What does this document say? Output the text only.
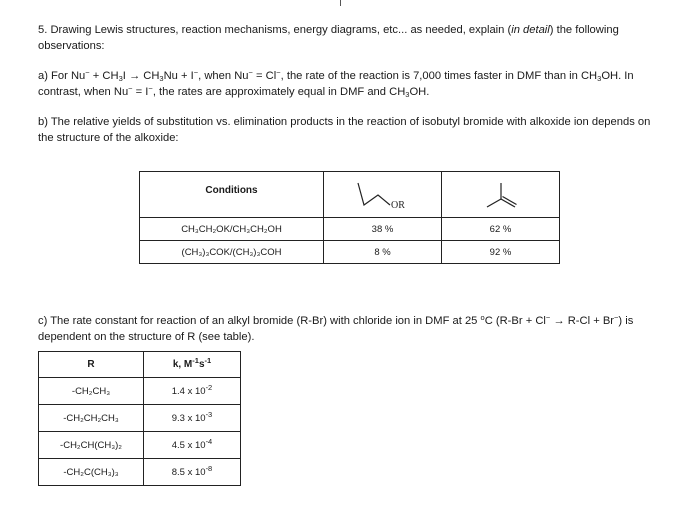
5. Drawing Lewis structures, reaction mechanisms, energy diagrams, etc... as needed, explain (in detail) the following
observations:
a) For $Nu^- + CH_3I \to CH_3Nu + I^-$, when Nu− = Cl−, the rate of the reaction is 7,000 times faster in DMF than in $CH_3OH$. In
contrast, when Nu− = I−, the rates are approximately equal in DMF and $CH_3OH$.
b) The relative yields of substitution vs. elimination products in the reaction of isobutyl bromide with alkoxide ion depends on
the structure of the alkoxide:
Conditions	OR

CH₃CH₂OK/CH₃CH₂OH	38 %	62 %
(CH₃)₃COK/(CH₃)₃COH	8 %	92 %
c) The rate constant for reaction of an alkyl bromide (R-Br) with chloride ion in DMF at 25 $^o$C (R-Br + Cl− → R-Cl + Br−) is
dependent on the structure of R (see table).
R	k, $M^{-1}s^{-1}$
-CH₂CH₃	1.4 x $10^{-2}$
-CH₂CH₂CH₃	9.3 x $10^{-3}$
-CH₂CH(CH₃)₂	4.5 x $10^{-4}$
-CH₂C(CH₃)₃	8.5 x $10^{-8}$
